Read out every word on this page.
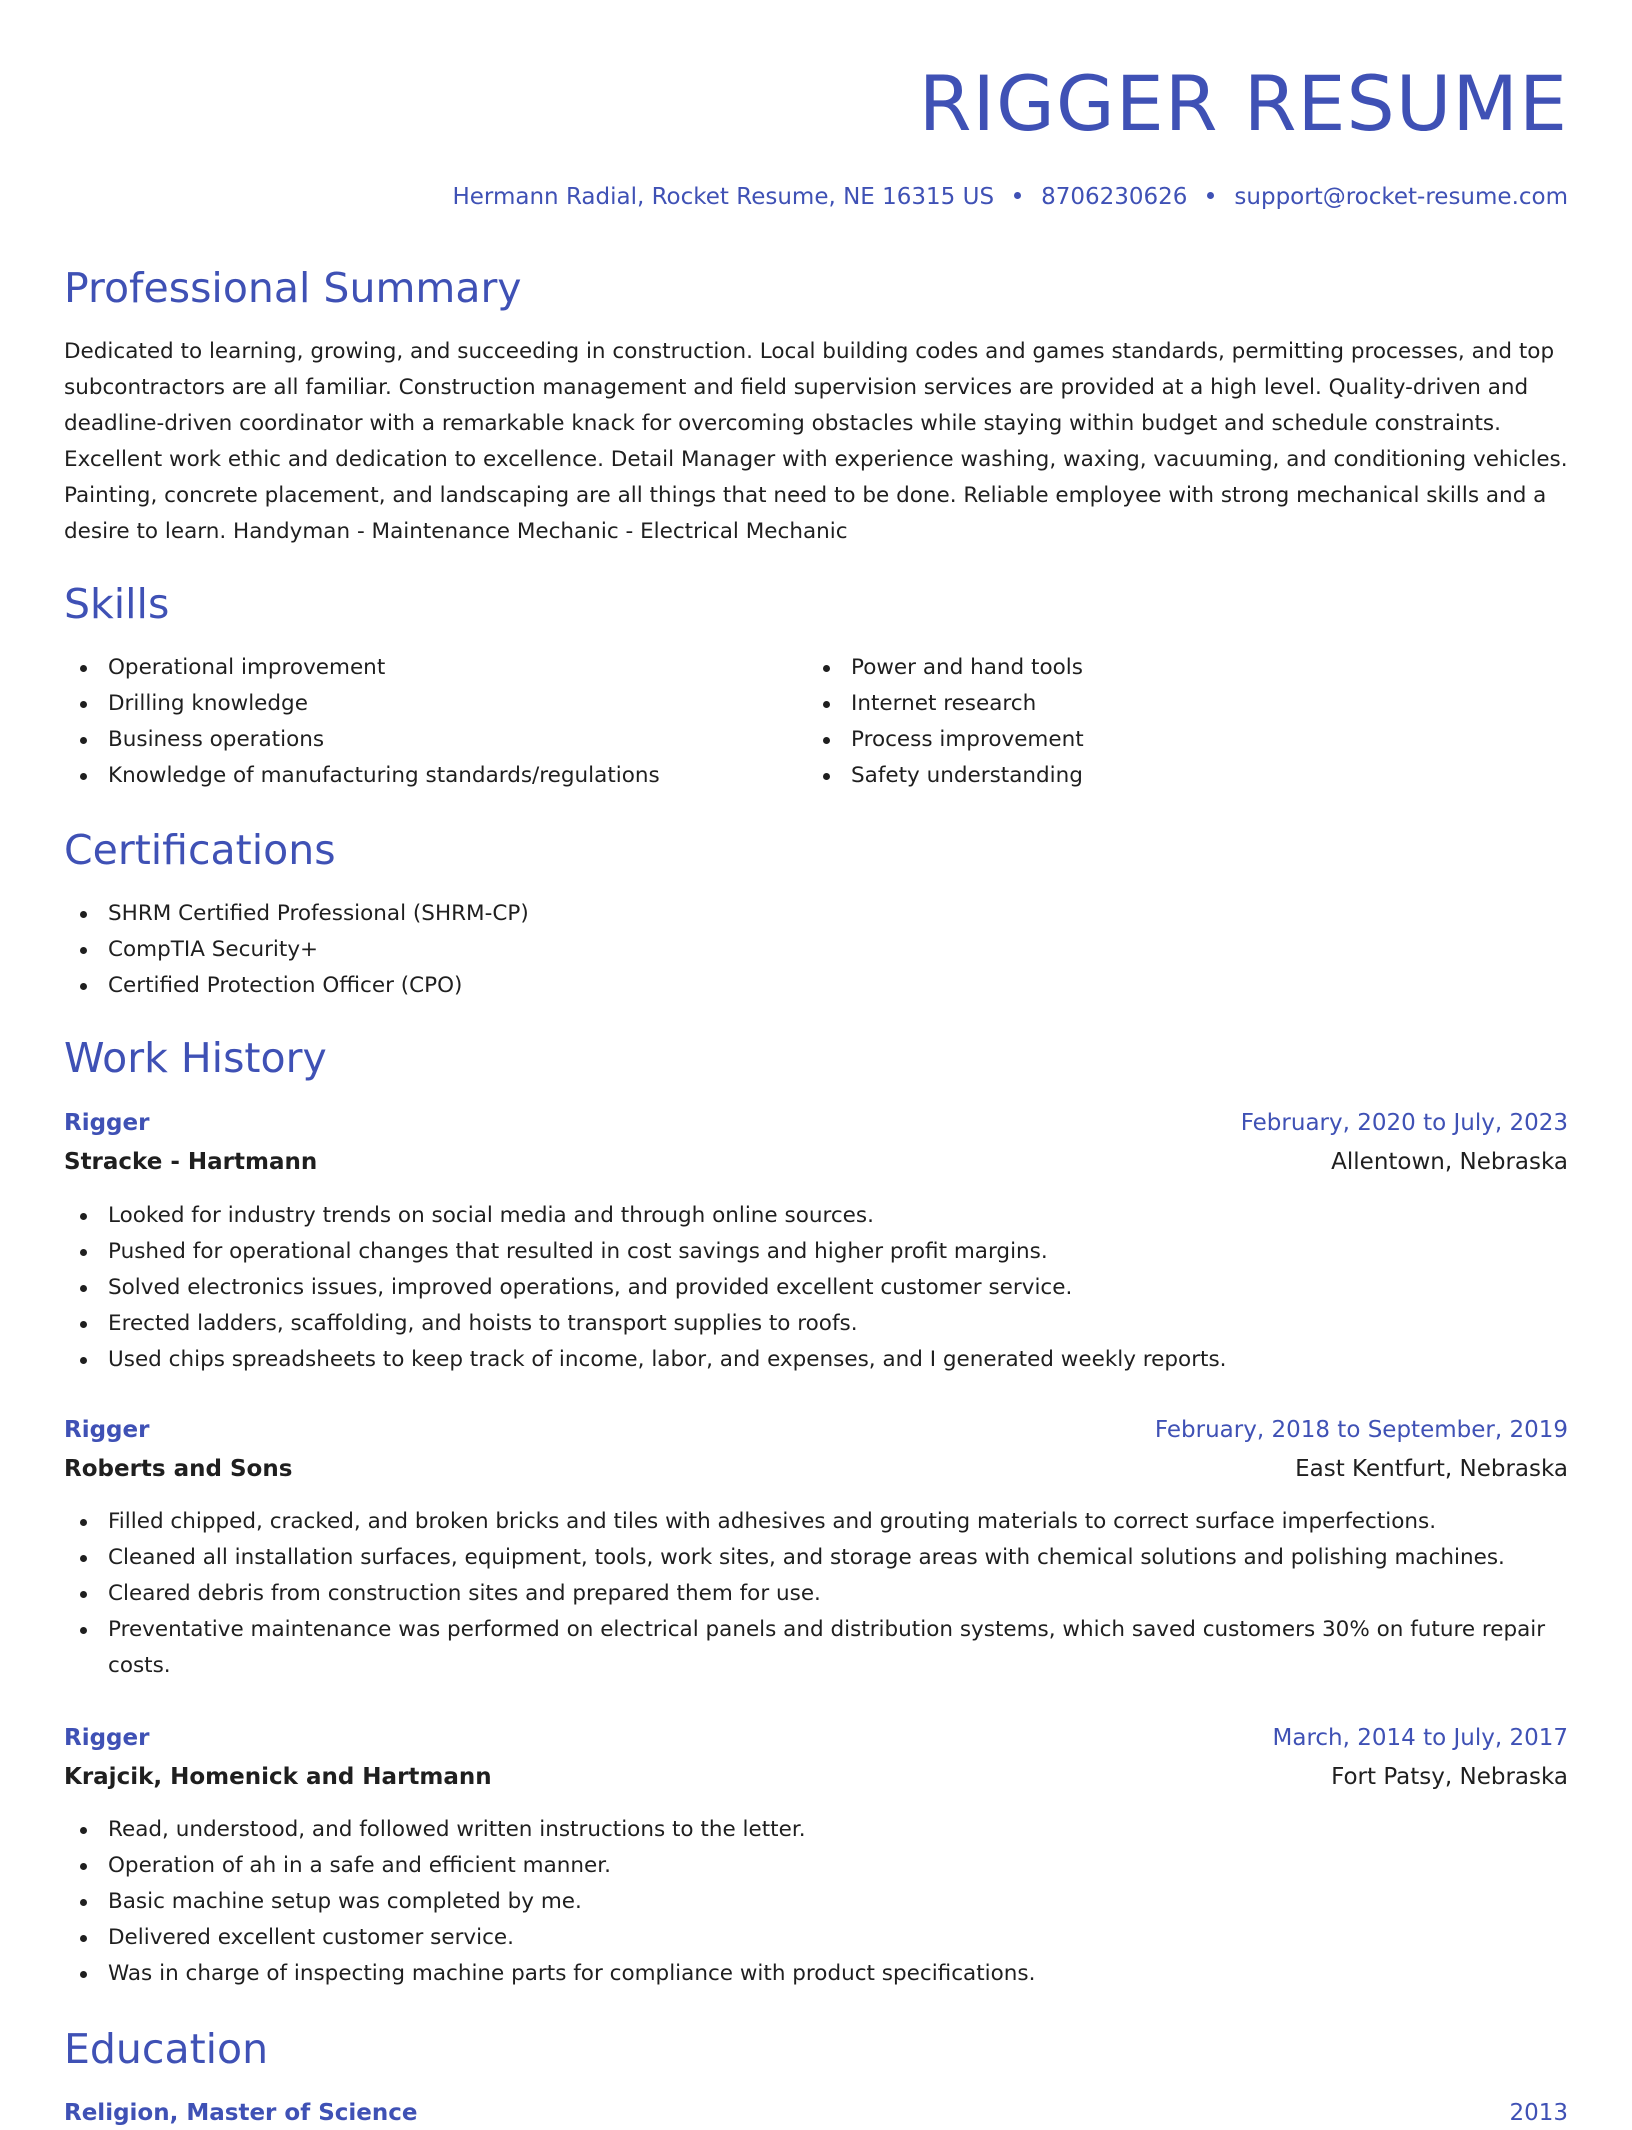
RIGGER RESUME
Hermann Radial, Rocket Resume, NE 16315 US 8706230626 support@rocket-resume.com
Professional Summary

Dedicated to learning, growing, and succeeding in construction. Local building codes and games standards, permitting processes, and top subcontractors are all familiar. Construction management and field supervision services are provided at a high level. Quality-driven and deadline-driven coordinator with a remarkable knack for overcoming obstacles while staying within budget and schedule constraints. Excellent work ethic and dedication to excellence. Detail Manager with experience washing, waxing, vacuuming, and conditioning vehicles. Painting, concrete placement, and landscaping are all things that need to be done. Reliable employee with strong mechanical skills and a desire to learn. Handyman - Maintenance Mechanic - Electrical Mechanic

Skills
Operational improvement
Drilling knowledge
Business operations
Knowledge of manufacturing standards/regulations
Power and hand tools
Internet research
Process improvement
Safety understanding
Certifications
SHRM Certified Professional (SHRM-CP)
CompTIA Security+
Certified Protection Officer (CPO)
Work History
Rigger	February, 2020 to July, 2023
Stracke - Hartmann	Allentown, Nebraska
Looked for industry trends on social media and through online sources.
Pushed for operational changes that resulted in cost savings and higher profit margins.
Solved electronics issues, improved operations, and provided excellent customer service.
Erected ladders, scaffolding, and hoists to transport supplies to roofs.
Used chips spreadsheets to keep track of income, labor, and expenses, and I generated weekly reports.
Rigger	February, 2018 to September, 2019
Roberts and Sons	East Kentfurt, Nebraska
Filled chipped, cracked, and broken bricks and tiles with adhesives and grouting materials to correct surface imperfections.
Cleaned all installation surfaces, equipment, tools, work sites, and storage areas with chemical solutions and polishing machines.
Cleared debris from construction sites and prepared them for use.
Preventative maintenance was performed on electrical panels and distribution systems, which saved customers 30% on future repair costs.
Rigger	March, 2014 to July, 2017
Krajcik, Homenick and Hartmann	Fort Patsy, Nebraska
Read, understood, and followed written instructions to the letter.
Operation of ah in a safe and efficient manner.
Basic machine setup was completed by me.
Delivered excellent customer service.
Was in charge of inspecting machine parts for compliance with product specifications.
Education
Religion, Master of Science	2013
